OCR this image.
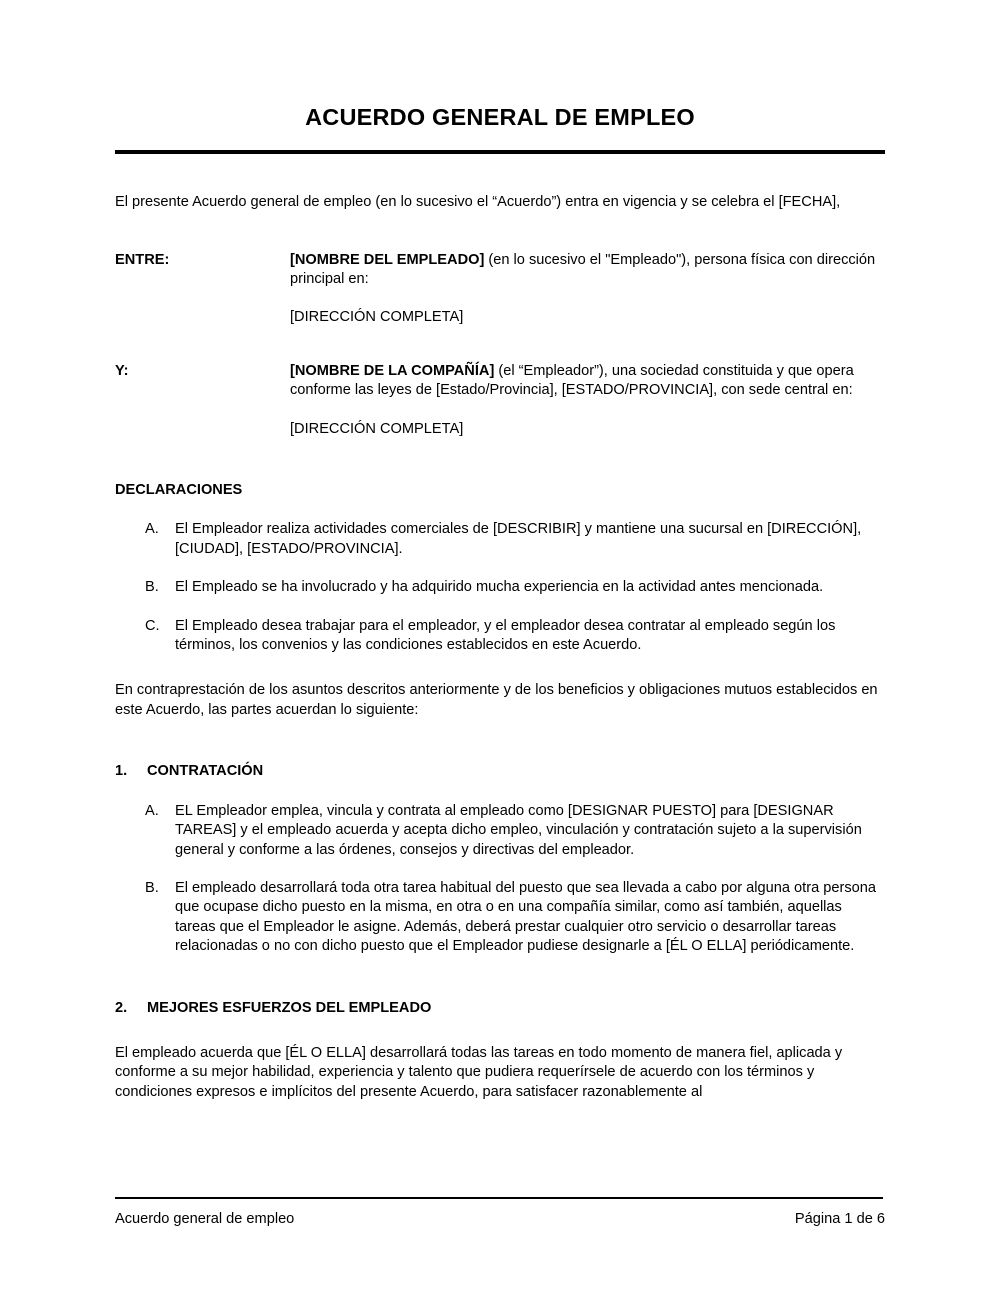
ACUERDO GENERAL DE EMPLEO

El presente Acuerdo general de empleo (en lo sucesivo el “Acuerdo”) entra en vigencia y se celebra el [FECHA],

ENTRE:	[NOMBRE DEL EMPLEADO] (en lo sucesivo el "Empleado"), persona física con dirección principal en:
[DIRECCIÓN COMPLETA]
Y:	[NOMBRE DE LA COMPAÑÍA] (el “Empleador”), una sociedad constituida y que opera conforme las leyes de [Estado/Provincia], [ESTADO/PROVINCIA], con sede central en:
[DIRECCIÓN COMPLETA]
DECLARACIONES
A.	El Empleador realiza actividades comerciales de [DESCRIBIR] y mantiene una sucursal en [DIRECCIÓN], [CIUDAD], [ESTADO/PROVINCIA].
B.	El Empleado se ha involucrado y ha adquirido mucha experiencia en la actividad antes mencionada.
C.	El Empleado desea trabajar para el empleador, y el empleador desea contratar al empleado según los términos, los convenios y las condiciones establecidos en este Acuerdo.

En contraprestación de los asuntos descritos anteriormente y de los beneficios y obligaciones mutuos establecidos en este Acuerdo, las partes acuerdan lo siguiente:

1.	CONTRATACIÓN
A.	EL Empleador emplea, vincula y contrata al empleado como [DESIGNAR PUESTO] para [DESIGNAR TAREAS] y el empleado acuerda y acepta dicho empleo, vinculación y contratación sujeto a la supervisión general y conforme a las órdenes, consejos y directivas del empleador.
B.	El empleado desarrollará toda otra tarea habitual del puesto que sea llevada a cabo por alguna otra persona que ocupase dicho puesto en la misma, en otra o en una compañía similar, como así también, aquellas tareas que el Empleador le asigne. Además, deberá prestar cualquier otro servicio o desarrollar tareas relacionadas o no con dicho puesto que el Empleador pudiese designarle a [ÉL O ELLA] periódicamente.
2.	MEJORES ESFUERZOS DEL EMPLEADO

El empleado acuerda que [ÉL O ELLA] desarrollará todas las tareas en todo momento de manera fiel, aplicada y conforme a su mejor habilidad, experiencia y talento que pudiera requerírsele de acuerdo con los términos y condiciones expresos e implícitos del presente Acuerdo, para satisfacer razonablemente al

Acuerdo general de empleo	Página 1 de 6
